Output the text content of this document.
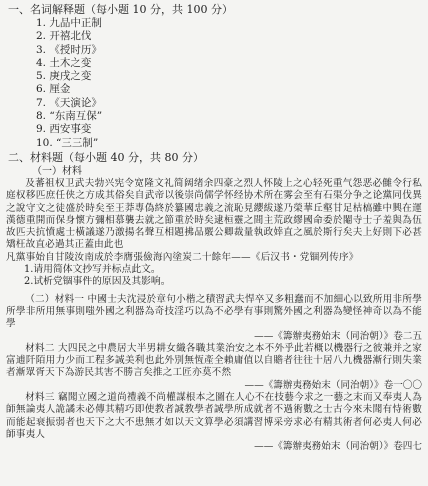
一、名词解释题（每小题 10 分，共 100 分）
1. 九品中正制
2. 开禧北伐
3. 《授时历》
4. 土木之变
5. 庚戌之变
6. 厘金
7. 《天演论》
8. “东南互保”
9. 西安事变
10. “三三制”
二、材料题（每小题 40 分，共 80 分）
（一）材料

及蕃祖权卫武夫勃兴宪令宽隆文礼简阔绪余四豪之烈人怀陵上之心轻死重气怨恶必雠令行私庭权移匹庶任侠之方成其俗矣自武帝以後崇尚儒学怀经协术所在雾会至有石渠分争之论黨同伐異之說守文之徒盛於時矣至王莽專偽終於纂國忠義之流恥見纓紱遂乃榮華丘壑甘足枯槁雖中興在運漢德重開而保身懷方彌相慕襲去就之節重於時矣逮桓靈之間主荒政繆國命委於閹寺士子羞與為伍故匹夫抗憤處士橫議遂乃激揚名聲互相題拂品覈公卿裁量執政婞直之風於斯行矣夫上好則下必甚矯枉故直必過其正蓋由此也

凡黨事始自甘陵汝南成於李膺張儉海內塗炭二十餘年——《后汉书・党锢列传序》

1.请用简体文抄写并标点此文。
2.试析党锢事件的原因及其影响。

（二）材料一 中國士夫沈浸於章句小楷之積習武夫悍卒又多粗蠢而不加細心以致所用非所學所學非所用無事則嗤外國之利器為奇技淫巧以為不必學有事則驚外國之利器為變怪神奇以為不能學

——《籌辦夷務始末（同治朝）》卷二五

材料二 大四民之中農居大半男耕女織各職其業治安之本不外乎此若概以機器行之彼兼并之家富逋阡陌用力少而工程多誠美利也此外別無恆產全賴庸值以自贍者往往十居八九機器漸行則失業者漸眾胥天下為游民其害不勝言矣推之工匠亦莫不然

——《籌辦夷務始末（同治朝）》卷一〇〇

材料三 竊聞立國之道尚禮義不尚權謀根本之圖在人心不在技藝今求之一藝之末而又奉夷人為師無論夷人詭譎未必傳其精巧即使教者誠教學者誠學所成就者不過術數之士古今來未聞有恃術數而能起衰振弱者也天下之大不患無才如以天文算學必須講習博采旁求必有精其術者何必夷人何必師事夷人

——《籌辦夷務始末（同治朝）》卷四七
